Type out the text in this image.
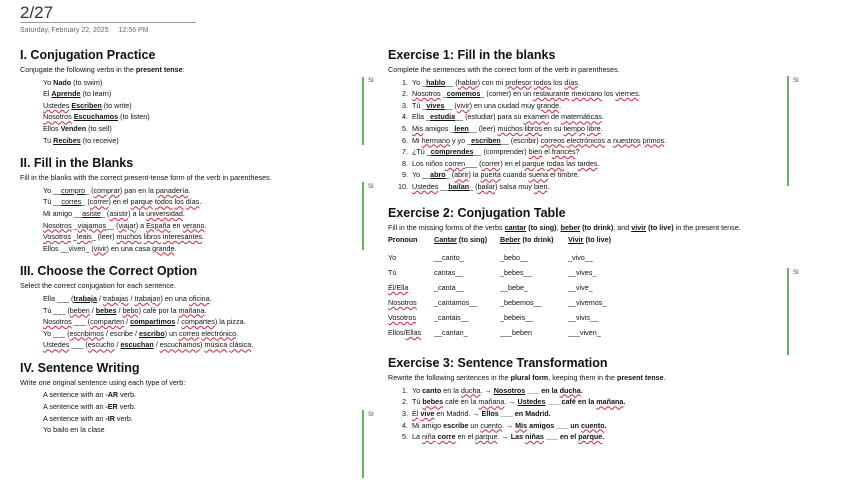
2/27
Saturday, February 22, 2025 12:56 PM
I. Conjugation Practice
Conjugate the following verbs in the present tense:
Yo Nado (to swim)
El Aprende (to learn)
Ustedes Escriben (to write)
Nosotros Escuchamos (to listen)
Ellos Venden (to sell)
Tu Recibes (to receive)
II. Fill in the Blanks
Fill in the blanks with the correct present-tense form of the verb in parentheses.
Yo __compro_ (comprar) pan en la panadería.
Tú __corres_ (correr) en el parque todos los días.
Mi amigo __asiste_ (asistir) a la universidad.
Nosotros _viajamos__ (viajar) a España en verano.
Vosotros _leais_ (leer) muchos libros interesantes.
Ellos __viven_ (vivir) en una casa grande.
III. Choose the Correct Option
Select the correct conjugation for each sentence.
Ella ___ (trabaja / trabajas / trabajan) en una oficina.
Tú ___ (beben / bebes / bebo) café por la mañana.
Nosotros ___ (comparten / compartimos / compartes) la pizza.
Yo ___ (escribimos / escribe / escribo) un correo electrónico.
Ustedes ___ (escucho / escuchan / escuchamos) música clásica.
IV. Sentence Writing
Write one original sentence using each type of verb:
A sentence with an -AR verb.
A sentence with an -ER verb.
A sentence with an -IR verb.
Yo bailo en la clase
Exercise 1: Fill in the blanks
Complete the sentences with the correct form of the verb in parentheses.
1. Yo _hablo__ (hablar) con mi profesor todos los días.
2. Nosotros _comemos_ (comer) en un restaurante mexicano los viernes.
3. Tú _vives__ (vivir) en una ciudad muy grande.
4. Ella _estudia__ (estudiar) para su examen de matemáticas.
5. Mis amigos _leen__ (leer) muchos libros en su tiempo libre.
6. Mi hermano y yo _escriben__ (escribir) correos electrónicos a nuestros primos.
7. ¿Tú _comprendes__ (comprender) bien el francés?
8. Los niños corren___ (correr) en el parque todas las tardes.
9. Yo __abro_ (abrir) la puerta cuando suena el timbre.
10. Ustedes __bailan_ (bailar) salsa muy bien.
Exercise 2: Conjugation Table
Fill in the missing forms of the verbs cantar (to sing), beber (to drink), and vivir (to live) in the present tense.
Pronoun	Cantar (to sing)	Beber (to drink)	Vivir (to live)
Yo	__canto_	_bebo__	_vivo__
Tú	cantas__	_bebes__	__vives_
Él/Ella	_canta__	__bebe_	__vive_
Nosotros	_cantamos__	_bebemos__	__vivemos_
Vosotros	_cantais__	_bebeis__	__vivis__
Ellos/Ellas	__cantan_	___beben	___viven_
Exercise 3: Sentence Transformation
Rewrite the following sentences in the plural form, keeping them in the present tense.
1. Yo canto en la ducha. → Nosotros ___ en la ducha.
2. Tú bebes café en la mañana. → Ustedes ___ café en la mañana.
3. Él vive en Madrid. → Ellos ___ en Madrid.
4. Mi amigo escribe un cuento. → Mis amigos ___ un cuento.
5. La niña corre en el parque. → Las niñas ___ en el parque.
SI
SI
SI
SI
SI
